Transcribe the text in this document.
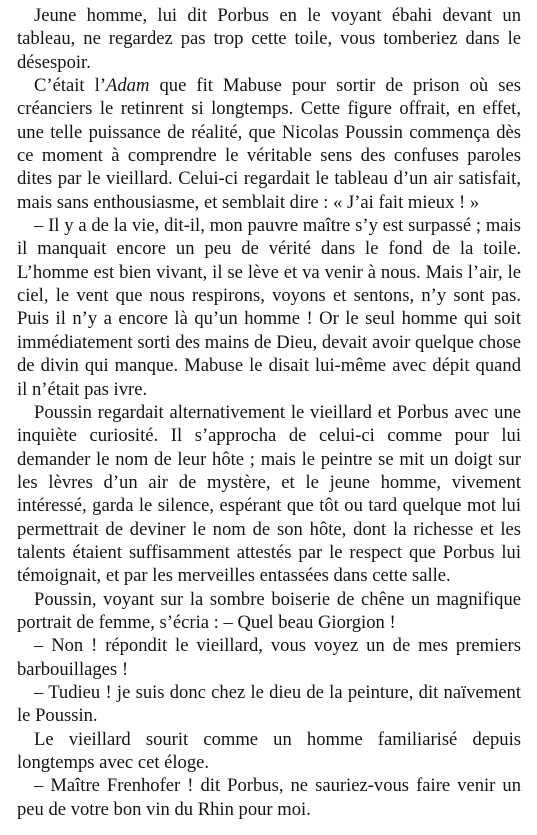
Jeune homme, lui dit Porbus en le voyant ébahi devant un tableau, ne regardez pas trop cette toile, vous tomberiez dans le désespoir.

C’était l’Adam que fit Mabuse pour sortir de prison où ses créanciers le retinrent si longtemps. Cette figure offrait, en effet, une telle puissance de réalité, que Nicolas Poussin commença dès ce moment à comprendre le véritable sens des confuses paroles dites par le vieillard. Celui-ci regardait le tableau d’un air satisfait, mais sans enthousiasme, et semblait dire : « J’ai fait mieux ! »

– Il y a de la vie, dit-il, mon pauvre maître s’y est surpassé ; mais il manquait encore un peu de vérité dans le fond de la toile. L’homme est bien vivant, il se lève et va venir à nous. Mais l’air, le ciel, le vent que nous respirons, voyons et sentons, n’y sont pas. Puis il n’y a encore là qu’un homme ! Or le seul homme qui soit immédiatement sorti des mains de Dieu, devait avoir quelque chose de divin qui manque. Mabuse le disait lui-même avec dépit quand il n’était pas ivre.

Poussin regardait alternativement le vieillard et Porbus avec une inquiète curiosité. Il s’approcha de celui-ci comme pour lui demander le nom de leur hôte ; mais le peintre se mit un doigt sur les lèvres d’un air de mystère, et le jeune homme, vivement intéressé, garda le silence, espérant que tôt ou tard quelque mot lui permettrait de deviner le nom de son hôte, dont la richesse et les talents étaient suffisamment attestés par le respect que Porbus lui témoignait, et par les merveilles entassées dans cette salle.

Poussin, voyant sur la sombre boiserie de chêne un magnifique portrait de femme, s’écria : – Quel beau Giorgion !

– Non ! répondit le vieillard, vous voyez un de mes premiers barbouillages !

– Tudieu ! je suis donc chez le dieu de la peinture, dit naïvement le Poussin.

Le vieillard sourit comme un homme familiarisé depuis longtemps avec cet éloge.

– Maître Frenhofer ! dit Porbus, ne sauriez-vous faire venir un peu de votre bon vin du Rhin pour moi.
